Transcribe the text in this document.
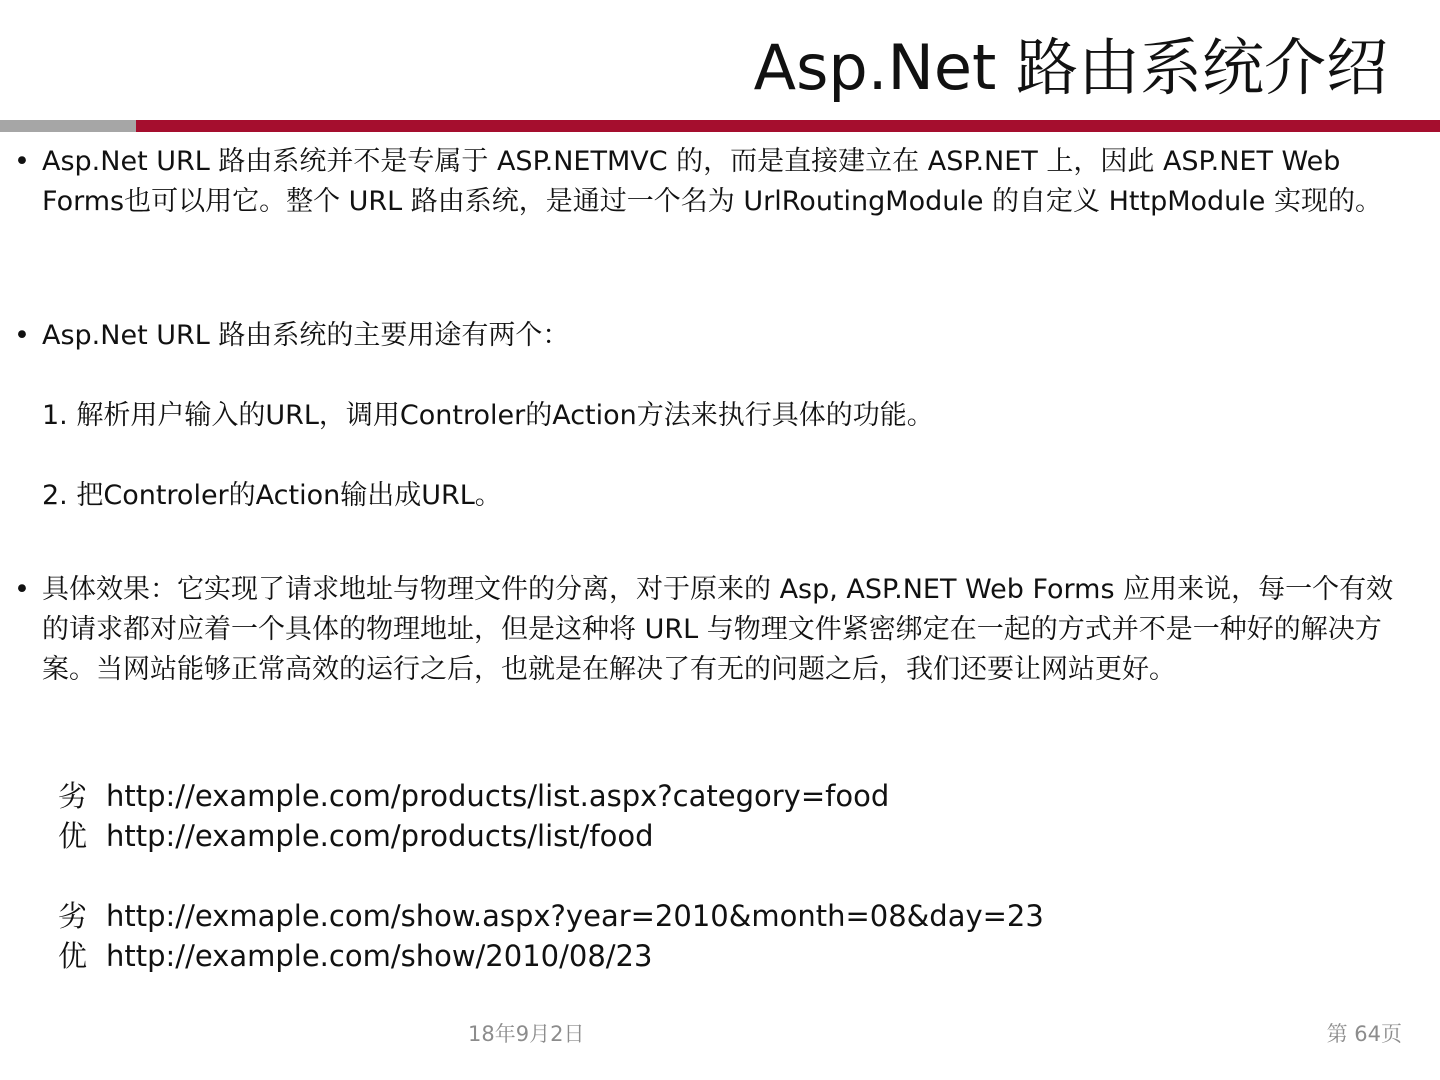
Asp.Net 路由系统介绍
• Asp.Net URL 路由系统并不是专属于 ASP.NETMVC 的，而是直接建立在 ASP.NET 上，因此 ASP.NET Web Forms也可以用它。整个 URL 路由系统，是通过一个名为 UrlRoutingModule 的自定义 HttpModule 实现的。
• Asp.Net URL 路由系统的主要用途有两个：
1. 解析用户输入的URL，调用Controler的Action方法来执行具体的功能。
2. 把Controler的Action输出成URL。
• 具体效果：它实现了请求地址与物理文件的分离，对于原来的 Asp, ASP.NET Web Forms 应用来说，每一个有效的请求都对应着一个具体的物理地址，但是这种将 URL 与物理文件紧密绑定在一起的方式并不是一种好的解决方案。当网站能够正常高效的运行之后，也就是在解决了有无的问题之后，我们还要让网站更好。
劣 http://example.com/products/list.aspx?category=food
优 http://example.com/products/list/food
劣 http://exmaple.com/show.aspx?year=2010&month=08&day=23
优 http://example.com/show/2010/08/23
18年9月2日	第 64页
